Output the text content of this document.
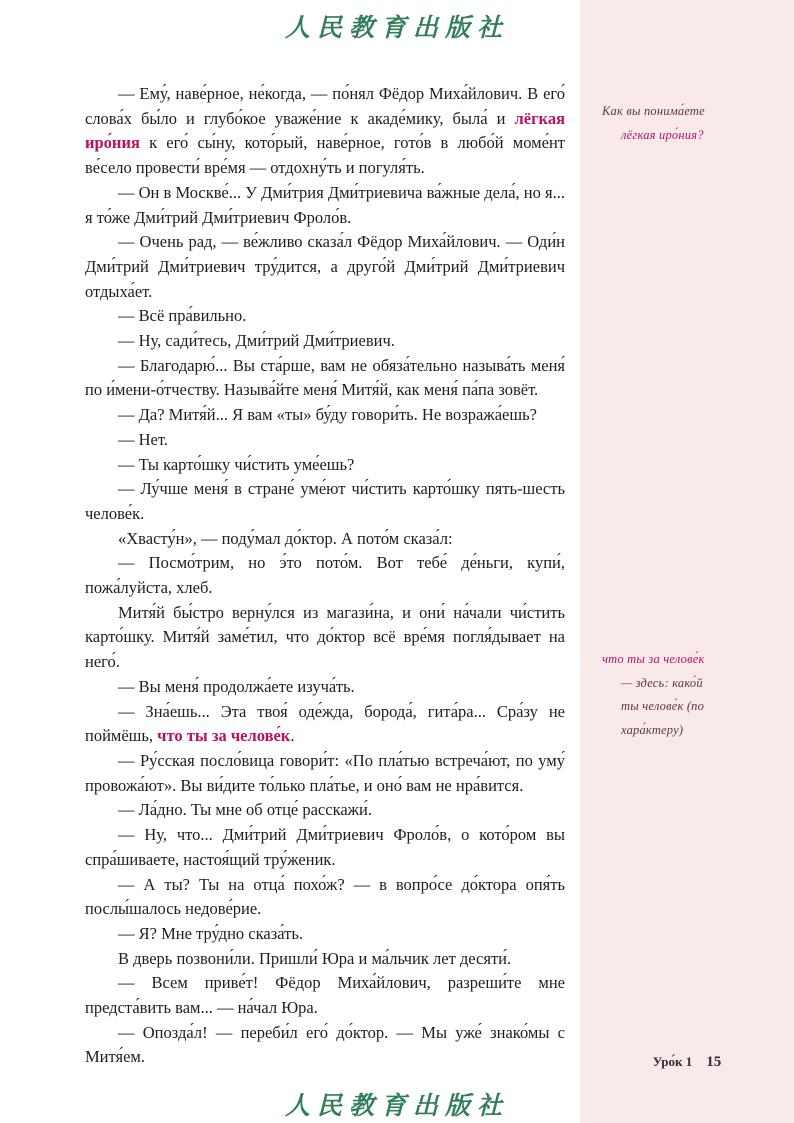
Как вы понима́ете
лёгкая иро́ния?
что ты за челове́к
— здесь: како́й
ты челове́к (по
хара́ктеру)
Уро́к 1 15
人民教育出版社

— Ему́, наве́рное, не́когда, — по́нял Фёдор Миха́йлович. В его́ слова́х бы́ло и глубо́кое уваже́ние к акаде́мику, была́ и лёгкая иро́ния к его́ сы́ну, кото́рый, наве́рное, гото́в в любо́й моме́нт ве́село провести́ вре́мя — отдохну́ть и погуля́ть.

— Он в Москве́... У Дми́трия Дми́триевича ва́жные дела́, но я... я то́же Дми́трий Дми́триевич Фроло́в.

— Очень рад, — ве́жливо сказа́л Фёдор Миха́йлович. — Оди́н Дми́трий Дми́триевич тру́дится, а друго́й Дми́трий Дми́триевич отдыха́ет.

— Всё пра́вильно.

— Ну, сади́тесь, Дми́трий Дми́триевич.

— Благодарю́... Вы ста́рше, вам не обяза́тельно называ́ть меня́ по и́мени-о́тчеству. Называ́йте меня́ Митя́й, как меня́ па́па зовёт.

— Да? Митя́й... Я вам «ты» бу́ду говори́ть. Не возража́ешь?

— Нет.

— Ты карто́шку чи́стить уме́ешь?

— Лу́чше меня́ в стране́ уме́ют чи́стить карто́шку пять-шесть челове́к.

«Хвасту́н», — поду́мал до́ктор. А пото́м сказа́л:

— Посмо́трим, но э́то пото́м. Вот тебе́ де́ньги, купи́, пожа́луйста, хлеб.

Митя́й бы́стро верну́лся из магази́на, и они́ на́чали чи́стить карто́шку. Митя́й заме́тил, что до́ктор всё вре́мя погля́дывает на него́.

— Вы меня́ продолжа́ете изуча́ть.

— Зна́ешь... Эта твоя́ оде́жда, борода́, гита́ра... Сра́зу не поймёшь, что ты за челове́к.

— Ру́сская посло́вица говори́т: «По пла́тью встреча́ют, по уму́ провожа́ют». Вы ви́дите то́лько пла́тье, и оно́ вам не нра́вится.

— Ла́дно. Ты мне об отце́ расскажи́.

— Ну, что... Дми́трий Дми́триевич Фроло́в, о кото́ром вы спра́шиваете, настоя́щий тру́женик.

— А ты? Ты на отца́ похо́ж? — в вопро́се до́ктора опя́ть послы́шалось недове́рие.

— Я? Мне тру́дно сказа́ть.

В дверь позвони́ли. Пришли́ Юра и ма́льчик лет десяти́.

— Всем приве́т! Фёдор Миха́йлович, разреши́те мне предста́вить вам... — на́чал Юра.

— Опозда́л! — переби́л его́ до́ктор. — Мы уже́ знако́мы с Митя́ем.

人民教育出版社
